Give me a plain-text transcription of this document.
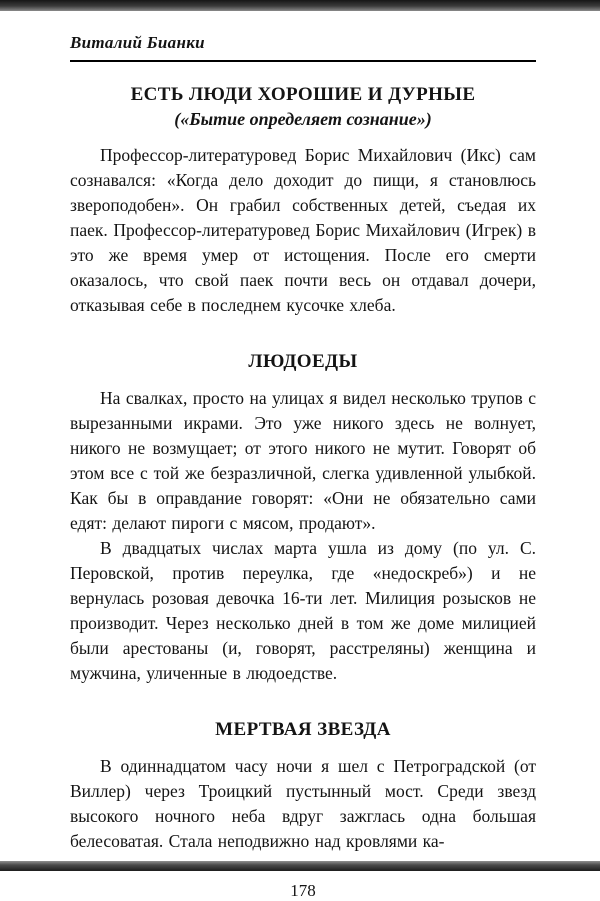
Виталий Бианки
ЕСТЬ ЛЮДИ ХОРОШИЕ И ДУРНЫЕ
(«Бытие определяет сознание»)

Профессор-литературовед Борис Михайлович (Икс) сам сознавался: «Когда дело доходит до пищи, я становлюсь звероподобен». Он грабил собственных детей, съедая их паек. Профессор-литературовед Борис Михайлович (Игрек) в это же время умер от истощения. После его смерти оказалось, что свой паек почти весь он отдавал дочери, отказывая себе в последнем кусочке хлеба.

ЛЮДОЕДЫ

На свалках, просто на улицах я видел несколько трупов с вырезанными икрами. Это уже никого здесь не волнует, никого не возмущает; от этого никого не мутит. Говорят об этом все с той же безразличной, слегка удивленной улыбкой. Как бы в оправдание говорят: «Они не обязательно сами едят: делают пироги с мясом, продают».

В двадцатых числах марта ушла из дому (по ул. С. Перовской, против переулка, где «недоскреб») и не вернулась розовая девочка 16-ти лет. Милиция розысков не производит. Через несколько дней в том же доме милицией были арестованы (и, говорят, расстреляны) женщина и мужчина, уличенные в людоедстве.

МЕРТВАЯ ЗВЕЗДА

В одиннадцатом часу ночи я шел с Петроградской (от Виллер) через Троицкий пустынный мост. Среди звезд высокого ночного неба вдруг зажглась одна большая белесоватая. Стала неподвижно над кровлями ка-

178
